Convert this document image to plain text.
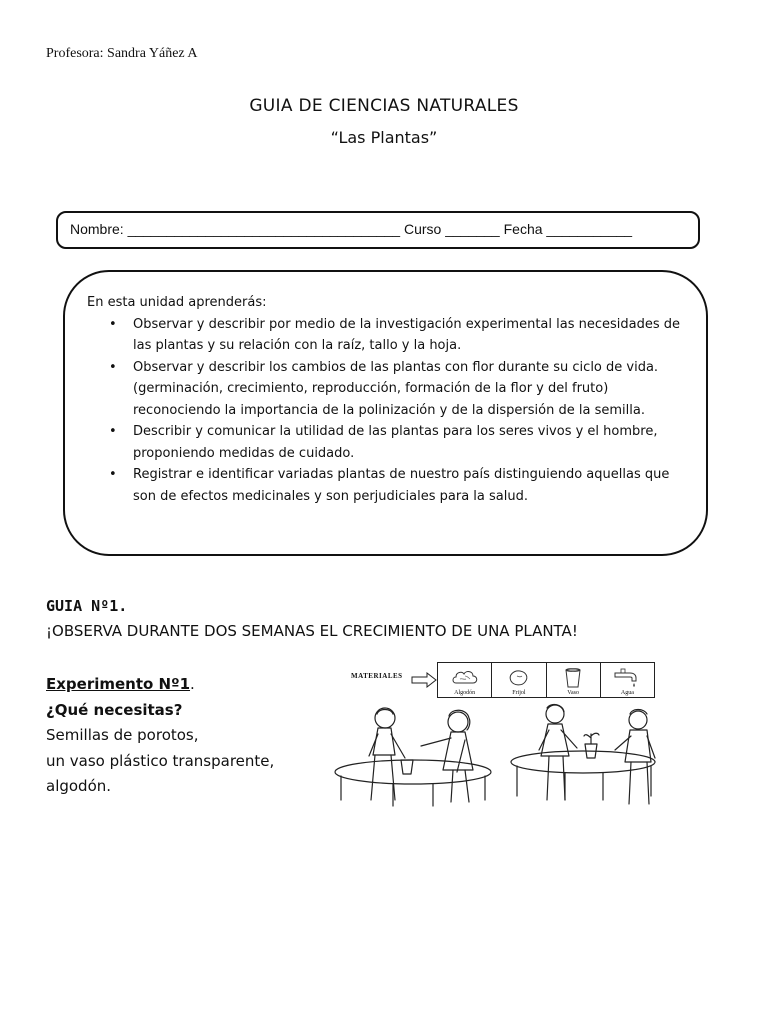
Profesora: Sandra Yáñez A
GUIA DE CIENCIAS NATURALES
“Las Plantas”
Nombre: ___________________________________ Curso _______ Fecha ___________

En esta unidad aprenderás:

• Observar y describir por medio de la investigación experimental las necesidades de las plantas y su relación con la raíz, tallo y la hoja.
• Observar y describir los cambios de las plantas con flor durante su ciclo de vida. (germinación, crecimiento, reproducción, formación de la flor y del fruto) reconociendo la importancia de la polinización y de la dispersión de la semilla.
• Describir y comunicar la utilidad de las plantas para los seres vivos y el hombre, proponiendo medidas de cuidado.
• Registrar e identificar variadas plantas de nuestro país distinguiendo aquellas que son de efectos medicinales y son perjudiciales para la salud.
GUIA Nº1.
¡OBSERVA DURANTE DOS SEMANAS EL CRECIMIENTO DE UNA PLANTA!
Experimento Nº1.
¿Qué necesitas?
Semillas de porotos,
un vaso plástico transparente,
algodón.
MATERIALES
Algodón	Frijol	Vaso	Agua
